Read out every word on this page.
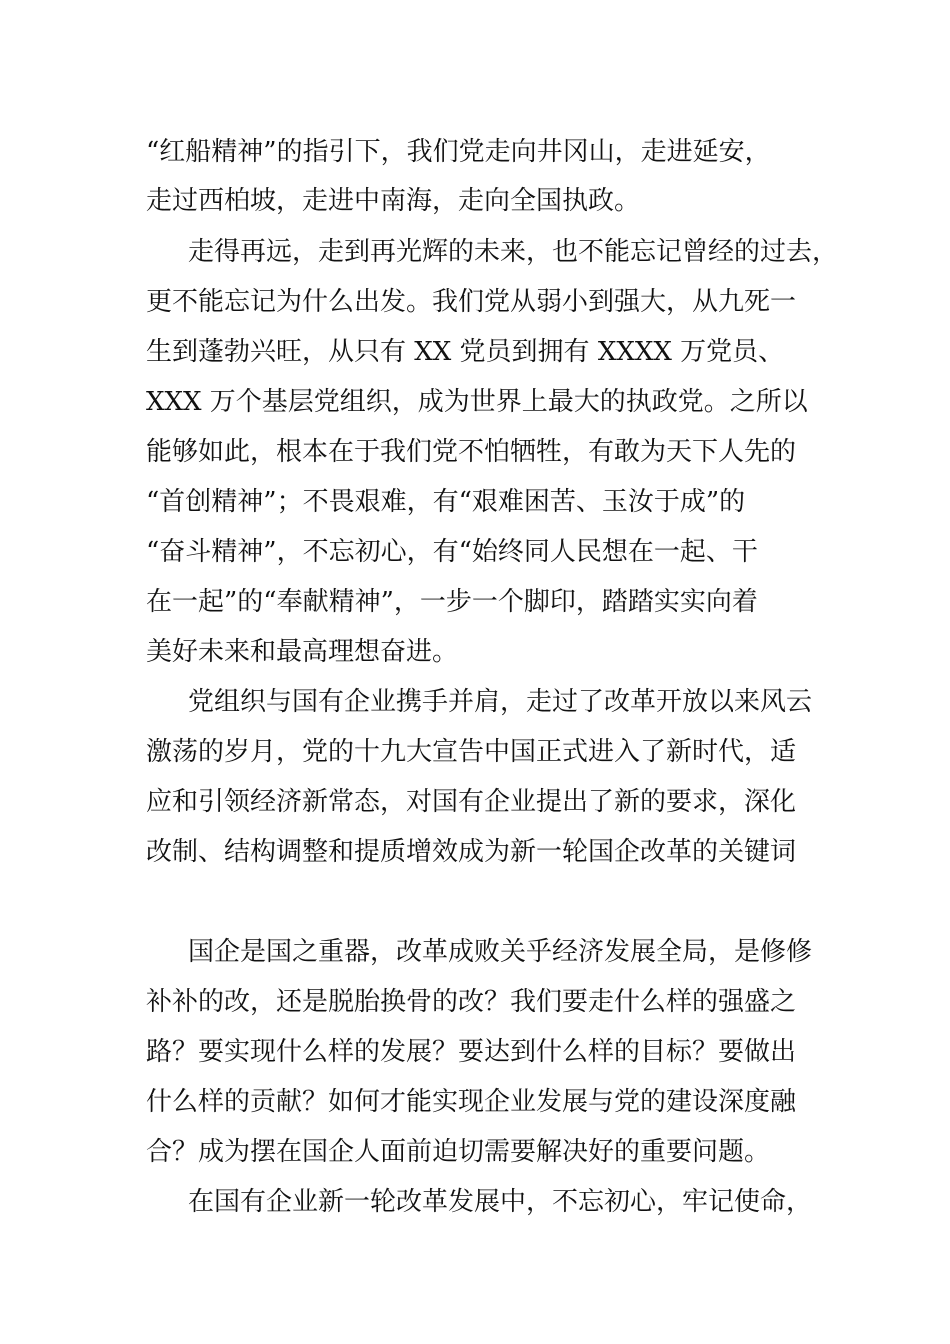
“红船精神”的指引下，我们党走向井冈山，走进延安，
走过西柏坡，走进中南海，走向全国执政。
走得再远，走到再光辉的未来，也不能忘记曾经的过去，
更不能忘记为什么出发。我们党从弱小到强大，从九死一
生到蓬勃兴旺，从只有 XX 党员到拥有 XXXX 万党员、
XXX 万个基层党组织，成为世界上最大的执政党。之所以
能够如此，根本在于我们党不怕牺牲，有敢为天下人先的
“首创精神”；不畏艰难，有“艰难困苦、玉汝于成”的
“奋斗精神”，不忘初心，有“始终同人民想在一起、干
在一起”的“奉献精神”，一步一个脚印，踏踏实实向着
美好未来和最高理想奋进。
党组织与国有企业携手并肩，走过了改革开放以来风云
激荡的岁月，党的十九大宣告中国正式进入了新时代，适
应和引领经济新常态，对国有企业提出了新的要求，深化
改制、结构调整和提质增效成为新一轮国企改革的关键词
国企是国之重器，改革成败关乎经济发展全局，是修修
补补的改，还是脱胎换骨的改？我们要走什么样的强盛之
路？要实现什么样的发展？要达到什么样的目标？要做出
什么样的贡献？如何才能实现企业发展与党的建设深度融
合？成为摆在国企人面前迫切需要解决好的重要问题。
在国有企业新一轮改革发展中，不忘初心，牢记使命，
